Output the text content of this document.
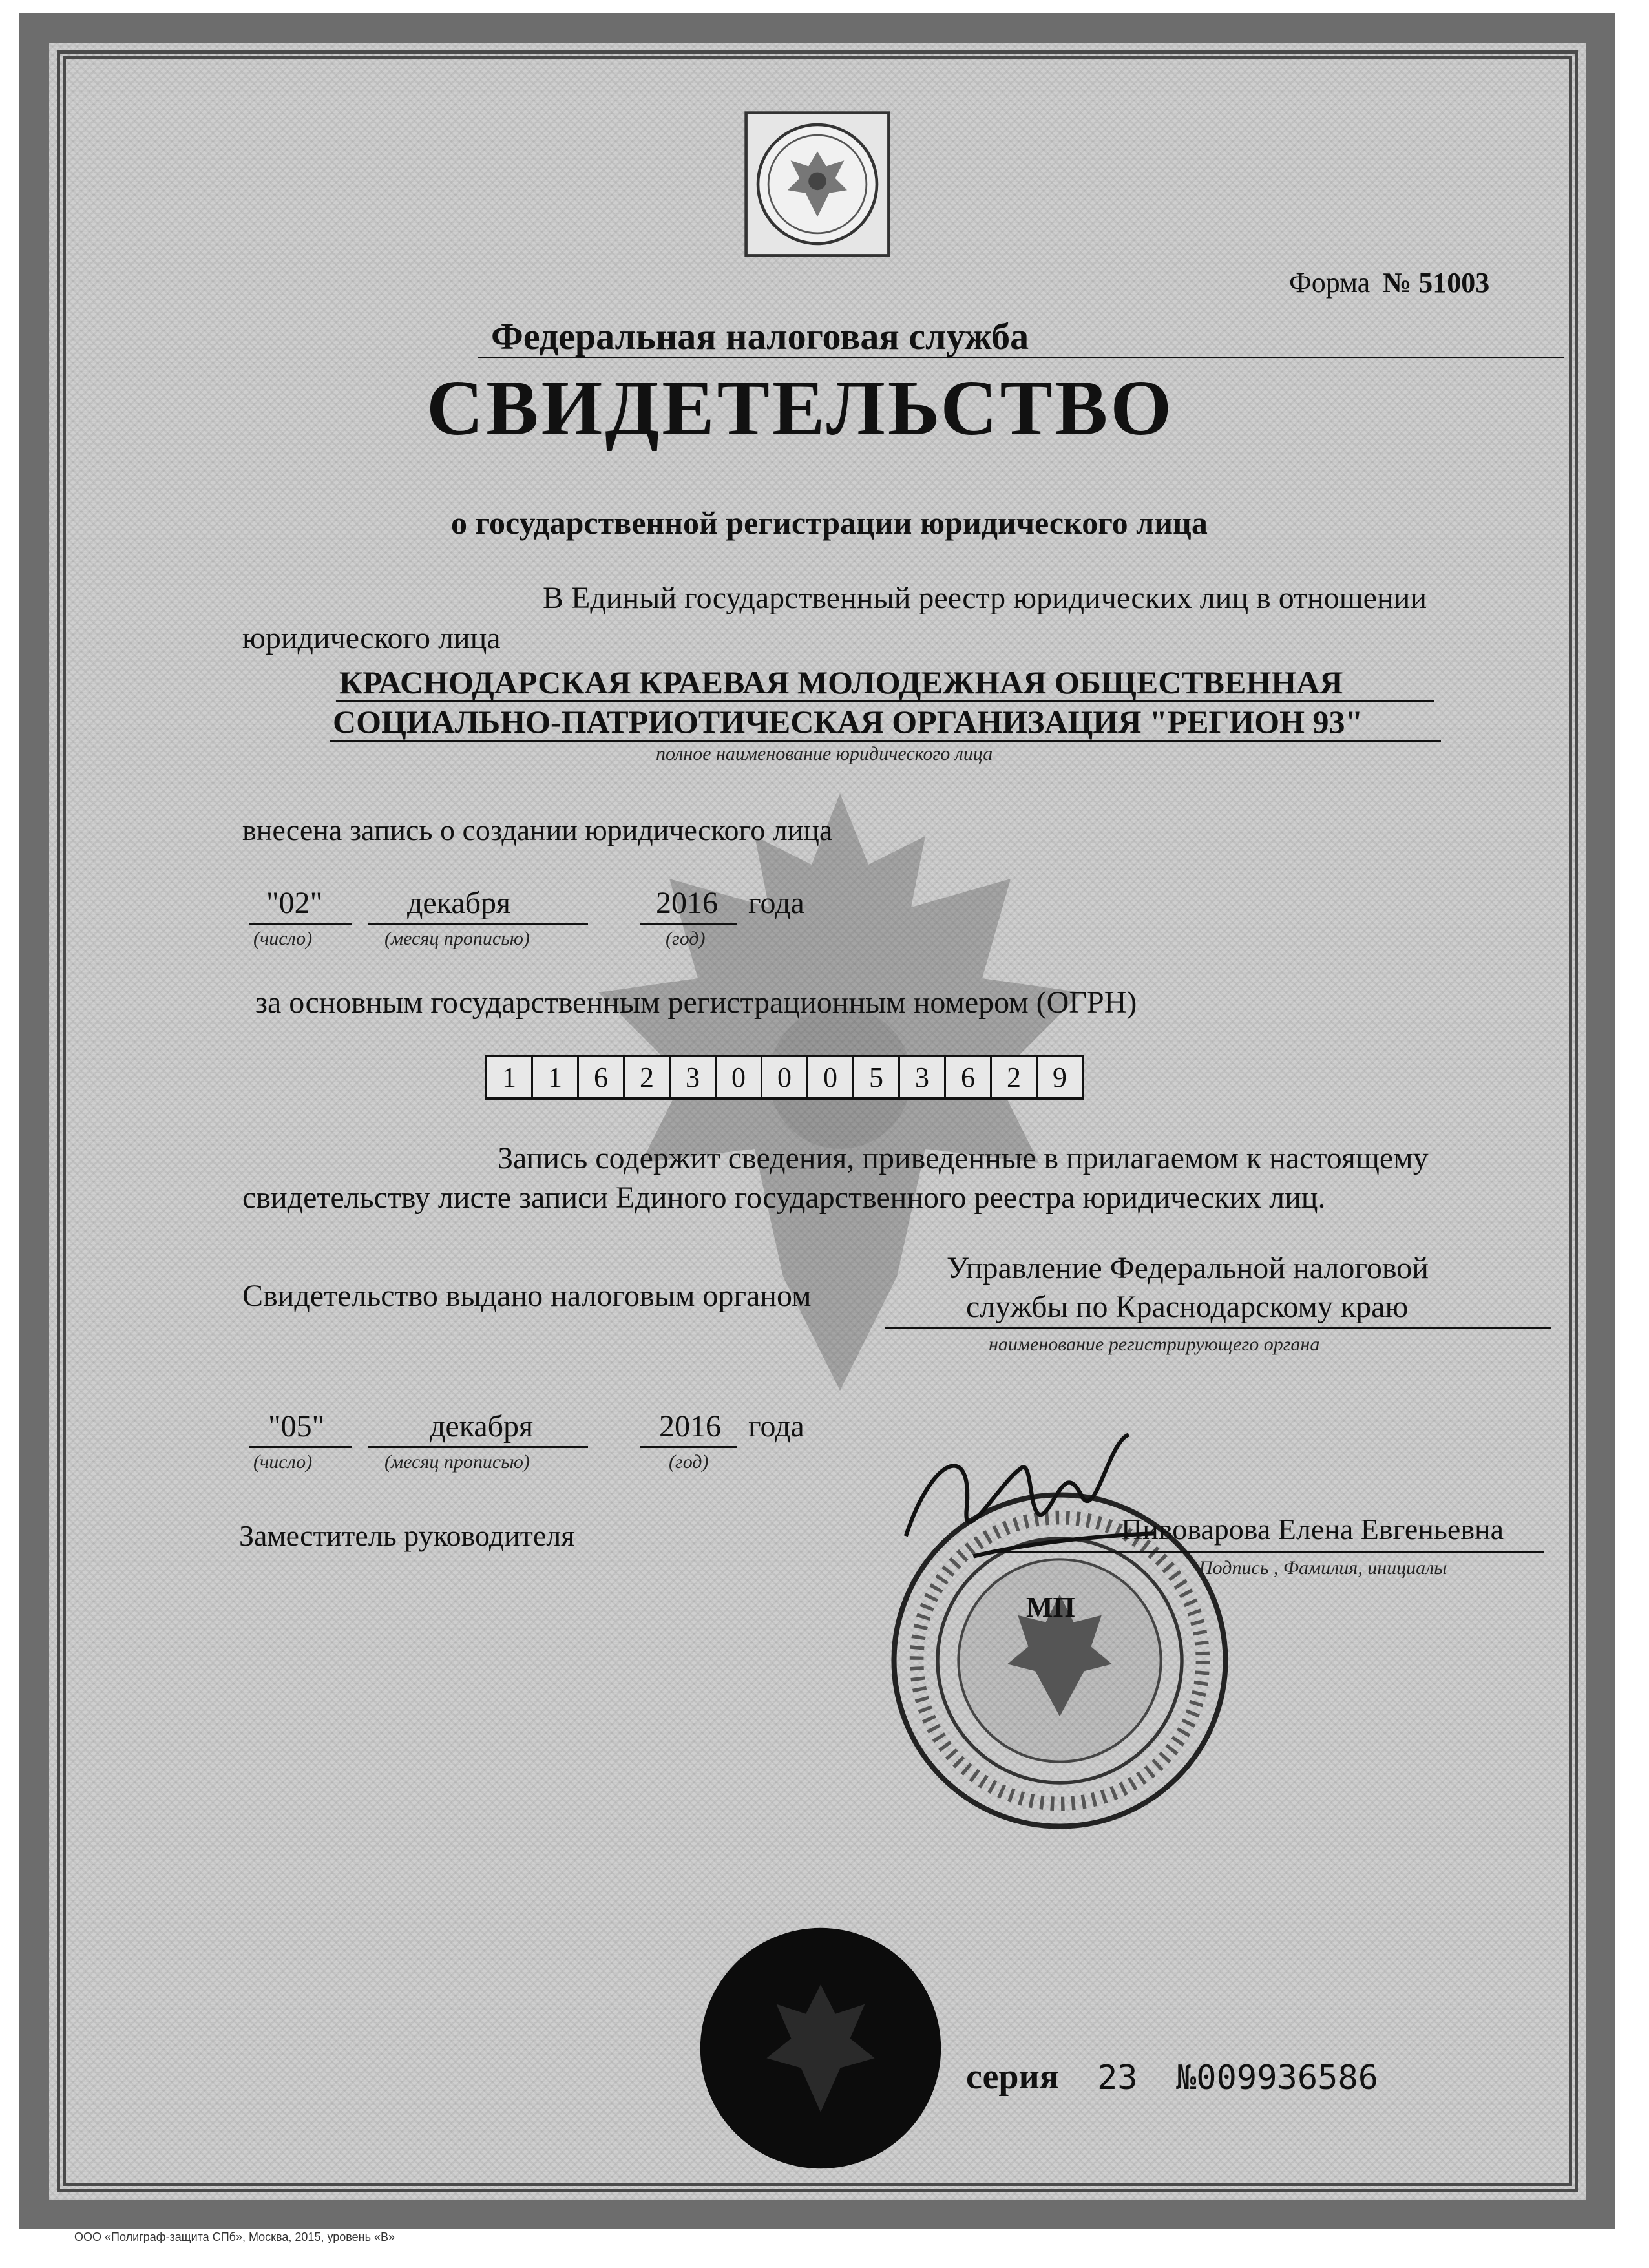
Форма № 51003
Федеральная налоговая служба
СВИДЕТЕЛЬСТВО
о государственной регистрации юридического лица
В Единый государственный реестр юридических лиц в отношении
юридического лица
КРАСНОДАРСКАЯ КРАЕВАЯ МОЛОДЕЖНАЯ ОБЩЕСТВЕННАЯ
СОЦИАЛЬНО-ПАТРИОТИЧЕСКАЯ ОРГАНИЗАЦИЯ "РЕГИОН 93"
полное наименование юридического лица
внесена запись о создании юридического лица
"02"
(число)
декабря
(месяц прописью)
2016
(год)
года
за основным государственным регистрационным номером (ОГРН)
1	1	6	2	3	0	0	0	5	3	6	2	9
Запись содержит сведения, приведенные в прилагаемом к настоящему
свидетельству листе записи Единого государственного реестра юридических лиц.
Свидетельство выдано налоговым органом
Управление Федеральной налоговой
службы по Краснодарскому краю
наименование регистрирующего органа
"05"
(число)
декабря
(месяц прописью)
2016
(год)
года
Заместитель руководителя
МП
Пивоварова Елена Евгеньевна
Подпись , Фамилия, инициалы
серия 23 №009936586
ООО «Полиграф-защита СПб», Москва, 2015, уровень «В»
